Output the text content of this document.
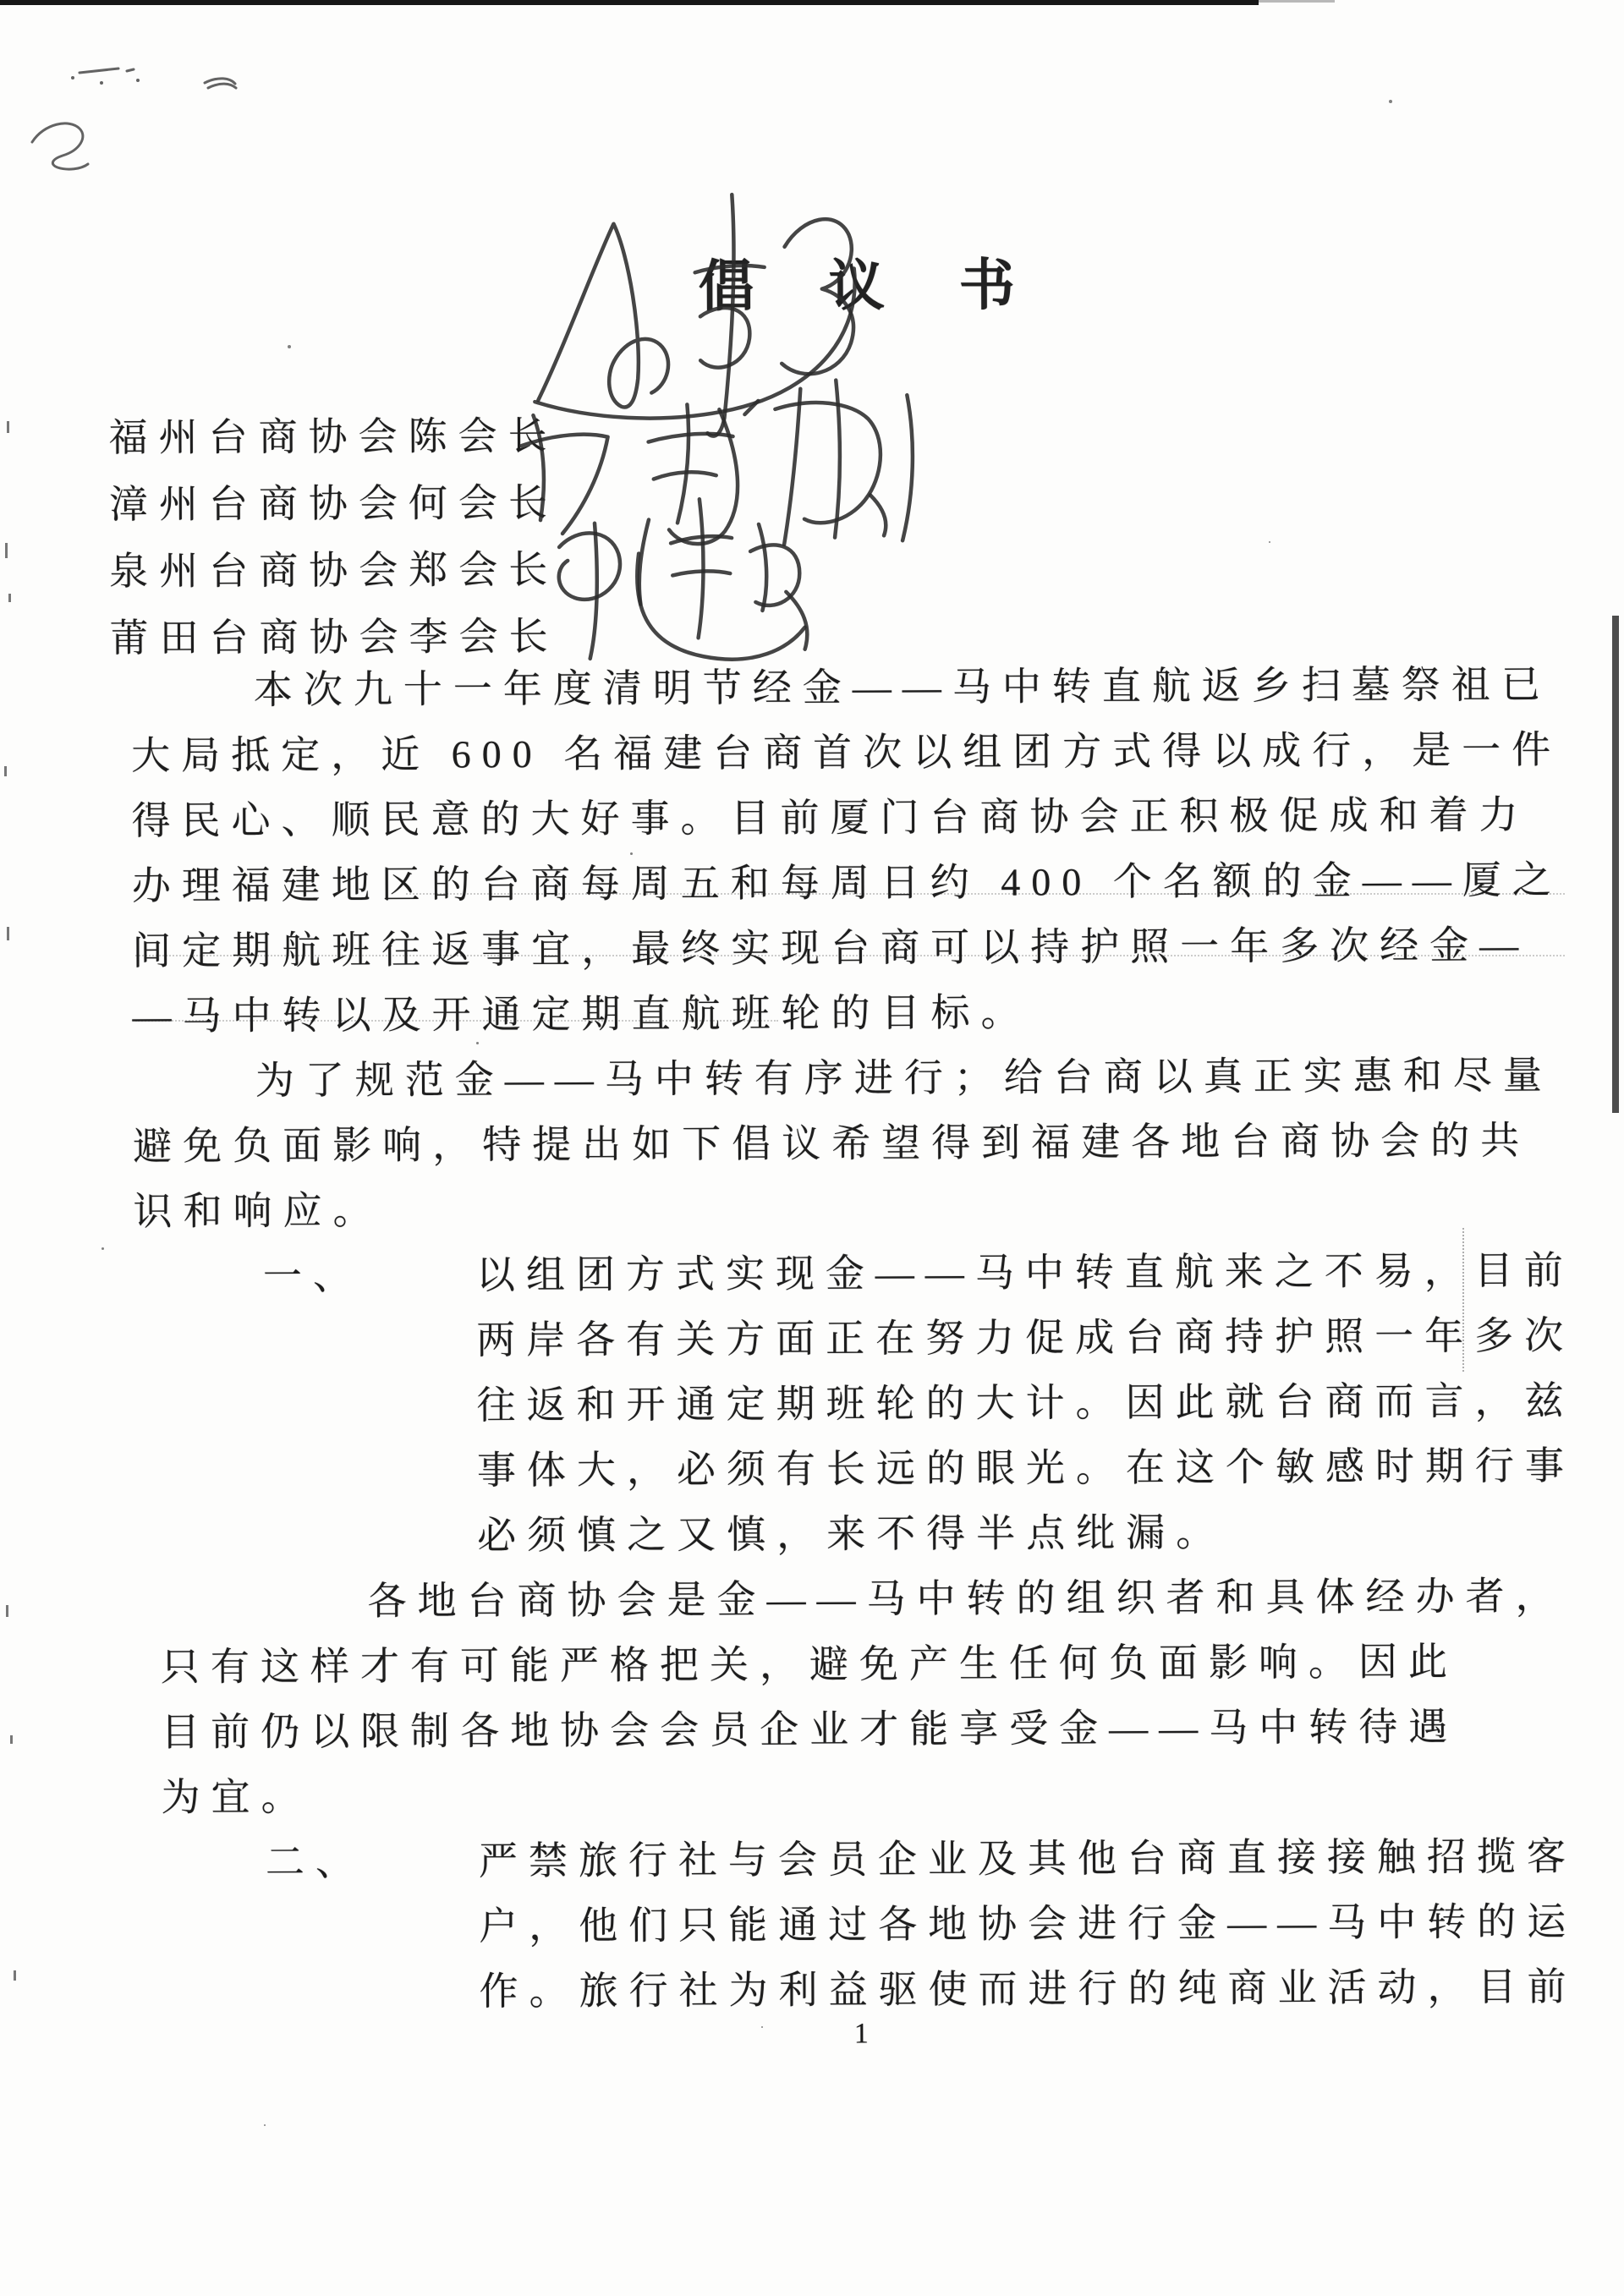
倡议书
福州台商协会陈会长
漳州台商协会何会长
泉州台商协会郑会长
莆田台商协会李会长
本次九十一年度清明节经金——马中转直航返乡扫墓祭祖已
大局抵定，近 600 名福建台商首次以组团方式得以成行，是一件
得民心、顺民意的大好事。目前厦门台商协会正积极促成和着力
办理福建地区的台商每周五和每周日约 400 个名额的金——厦之
间定期航班往返事宜，最终实现台商可以持护照一年多次经金—
—马中转以及开通定期直航班轮的目标。
为了规范金——马中转有序进行；给台商以真正实惠和尽量
避免负面影响，特提出如下倡议希望得到福建各地台商协会的共
识和响应。
一、	以组团方式实现金——马中转直航来之不易，目前
两岸各有关方面正在努力促成台商持护照一年多次
往返和开通定期班轮的大计。因此就台商而言，兹
事体大，必须有长远的眼光。在这个敏感时期行事
必须慎之又慎，来不得半点纰漏。
各地台商协会是金——马中转的组织者和具体经办者，
只有这样才有可能严格把关，避免产生任何负面影响。因此
目前仍以限制各地协会会员企业才能享受金——马中转待遇
为宜。
二、	严禁旅行社与会员企业及其他台商直接接触招揽客
户，他们只能通过各地协会进行金——马中转的运
作。旅行社为利益驱使而进行的纯商业活动，目前
1
